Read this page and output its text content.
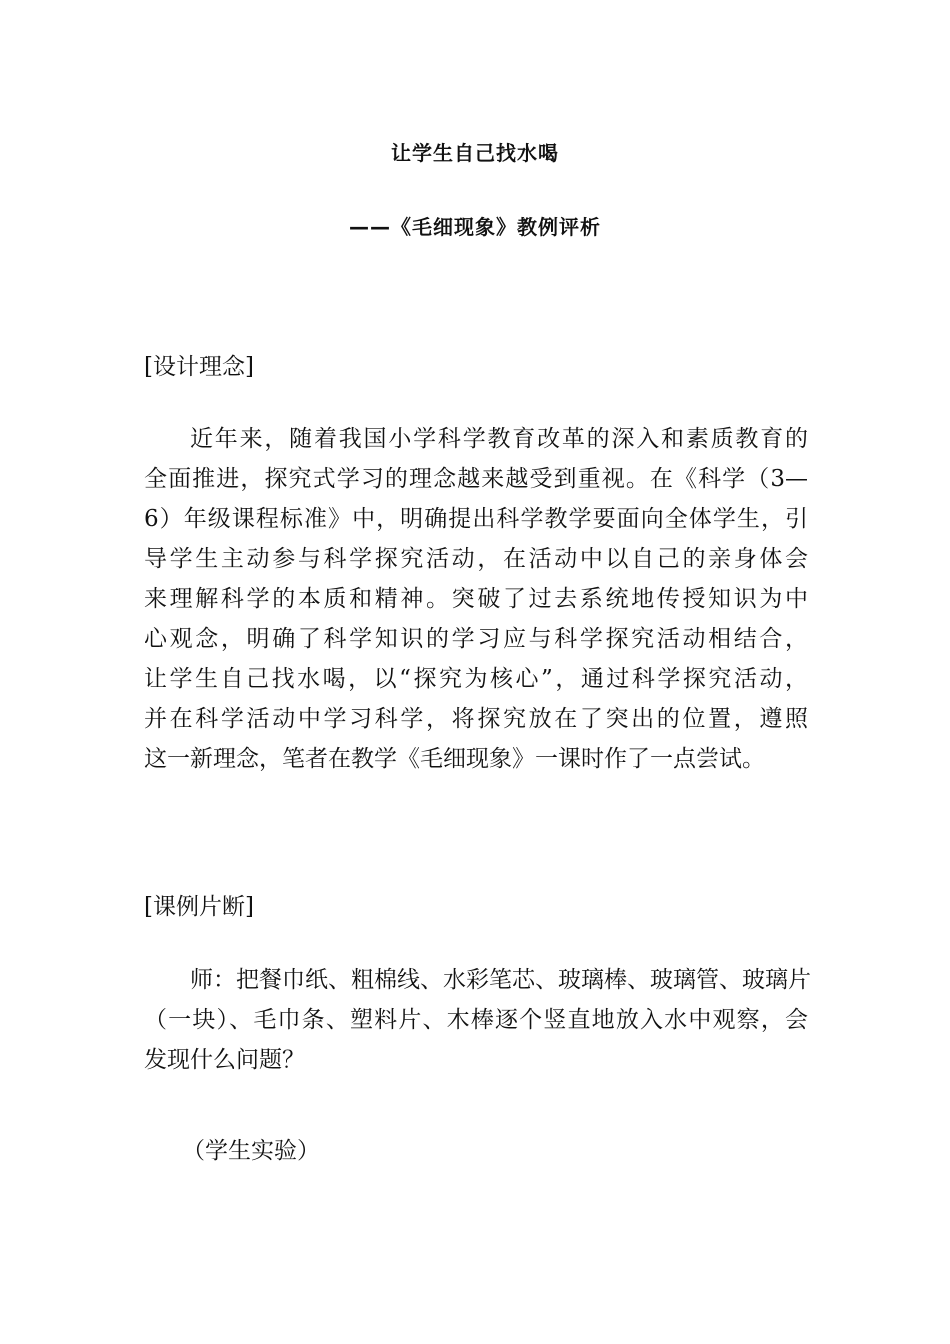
让学生自己找水喝
——《毛细现象》教例评析
[设计理念]
近年来，随着我国小学科学教育改革的深入和素质教育的
全面推进，探究式学习的理念越来越受到重视。在《科学（3—
6）年级课程标准》中，明确提出科学教学要面向全体学生，引
导学生主动参与科学探究活动，在活动中以自己的亲身体会
来理解科学的本质和精神。突破了过去系统地传授知识为中
心观念，明确了科学知识的学习应与科学探究活动相结合，
让学生自己找水喝，以“探究为核心”，通过科学探究活动，
并在科学活动中学习科学，将探究放在了突出的位置，遵照
这一新理念，笔者在教学《毛细现象》一课时作了一点尝试。
[课例片断]
师：把餐巾纸、粗棉线、水彩笔芯、玻璃棒、玻璃管、玻璃片
（一块）、毛巾条、塑料片、木棒逐个竖直地放入水中观察，会
发现什么问题？
（学生实验）
